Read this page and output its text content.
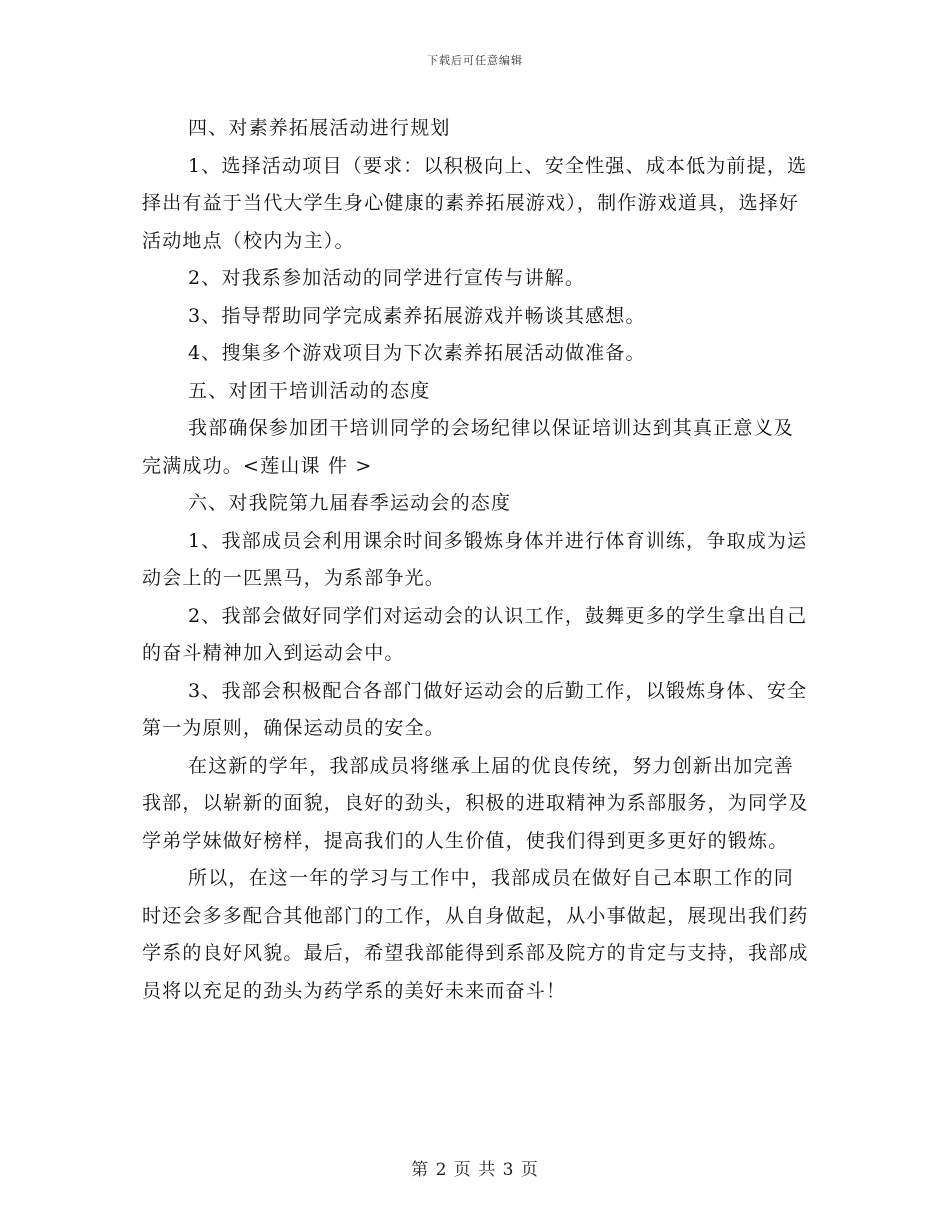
下载后可任意编辑

四、对素养拓展活动进行规划

1、选择活动项目（要求：以积极向上、安全性强、成本低为前提，选择出有益于当代大学生身心健康的素养拓展游戏），制作游戏道具，选择好活动地点（校内为主）。

2、对我系参加活动的同学进行宣传与讲解。

3、指导帮助同学完成素养拓展游戏并畅谈其感想。

4、搜集多个游戏项目为下次素养拓展活动做准备。

五、对团干培训活动的态度

我部确保参加团干培训同学的会场纪律以保证培训达到其真正意义及完满成功。<莲山课 件 >

六、对我院第九届春季运动会的态度

1、我部成员会利用课余时间多锻炼身体并进行体育训练，争取成为运动会上的一匹黑马，为系部争光。

2、我部会做好同学们对运动会的认识工作，鼓舞更多的学生拿出自己的奋斗精神加入到运动会中。

3、我部会积极配合各部门做好运动会的后勤工作，以锻炼身体、安全第一为原则，确保运动员的安全。

在这新的学年，我部成员将继承上届的优良传统，努力创新出加完善我部，以崭新的面貌，良好的劲头，积极的进取精神为系部服务，为同学及学弟学妹做好榜样，提高我们的人生价值，使我们得到更多更好的锻炼。

所以，在这一年的学习与工作中，我部成员在做好自己本职工作的同时还会多多配合其他部门的工作，从自身做起，从小事做起，展现出我们药学系的良好风貌。最后，希望我部能得到系部及院方的肯定与支持，我部成员将以充足的劲头为药学系的美好未来而奋斗！

第 2 页 共 3 页
